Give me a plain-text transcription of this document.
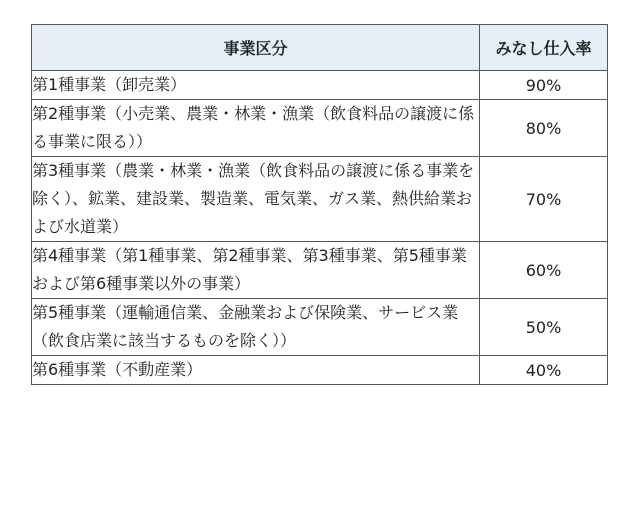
事業区分	みなし仕入率
第1種事業（卸売業）	90%
第2種事業（小売業、農業・林業・漁業（飲食料品の譲渡に係る事業に限る））	80%
第3種事業（農業・林業・漁業（飲食料品の譲渡に係る事業を除く）、鉱業、建設業、製造業、電気業、ガス業、熱供給業および水道業）	70%
第4種事業（第1種事業、第2種事業、第3種事業、第5種事業および第6種事業以外の事業）	60%
第5種事業（運輸通信業、金融業および保険業、サービス業（飲食店業に該当するものを除く））	50%
第6種事業（不動産業）	40%
